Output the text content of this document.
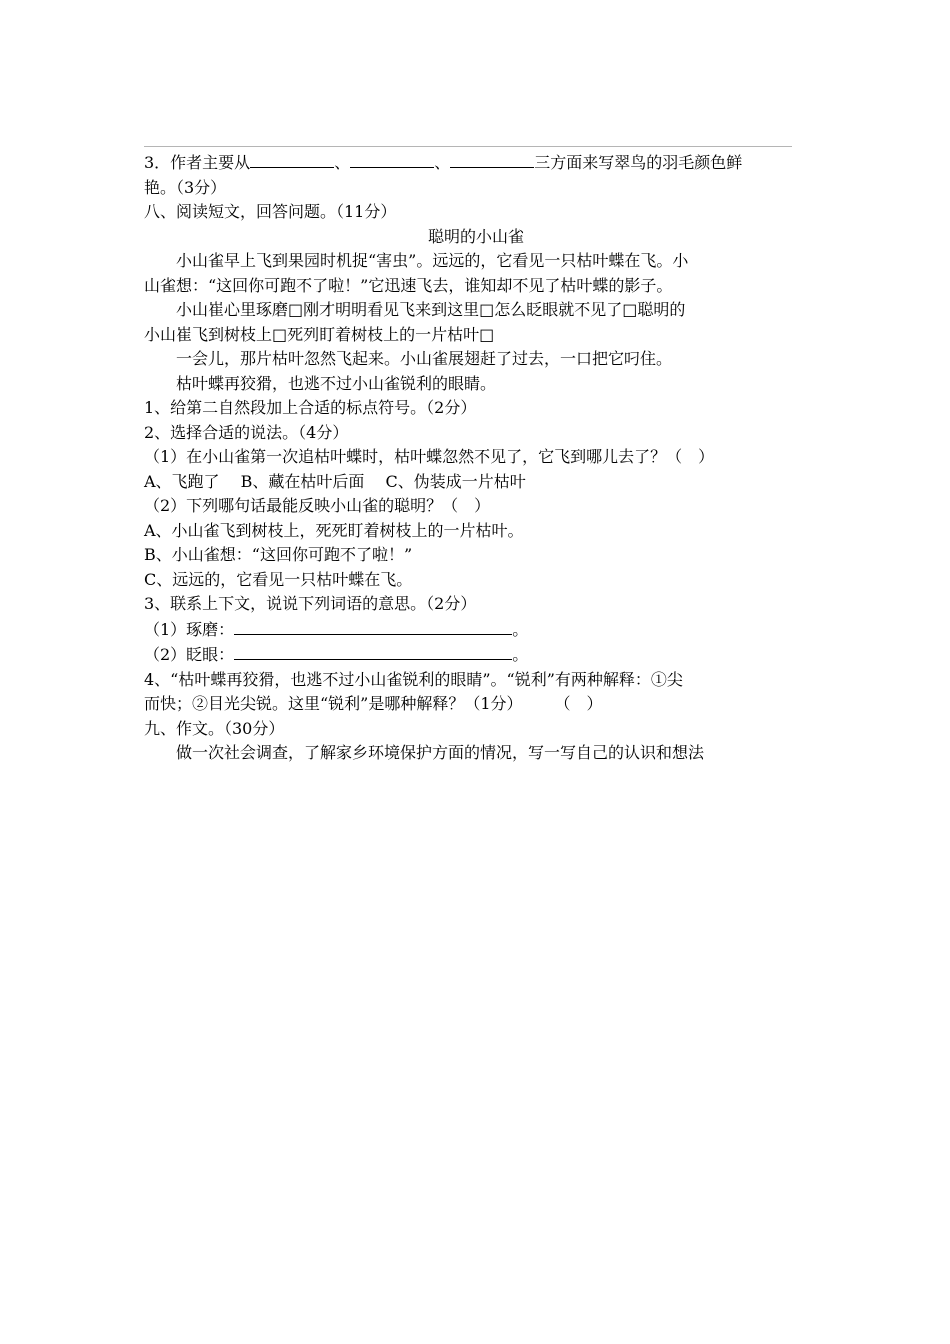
3．作者主要从	、	、	三方面来写翠鸟的羽毛颜色鲜
艳。（3分）
八、阅读短文，回答问题。（11分）
聪明的小山雀
小山雀早上飞到果园时机捉“害虫”。远远的，它看见一只枯叶蝶在飞。小
山雀想：“这回你可跑不了啦！”它迅速飞去，谁知却不见了枯叶蝶的影子。
小山崔心里琢磨□刚才明明看见飞来到这里□怎么眨眼就不见了□聪明的
小山崔飞到树枝上□死列盯着树枝上的一片枯叶□
一会儿，那片枯叶忽然飞起来。小山雀展翅赶了过去，一口把它叼住。
枯叶蝶再狡猾，也逃不过小山雀锐利的眼睛。
1、给第二自然段加上合适的标点符号。（2分）
2、选择合适的说法。（4分）
（1）在小山雀第一次追枯叶蝶时，枯叶蝶忽然不见了，它飞到哪儿去了？（　）
A、飞跑了　 B、藏在枯叶后面　 C、伪装成一片枯叶
（2）下列哪句话最能反映小山雀的聪明？（　）
A、小山雀飞到树枝上，死死盯着树枝上的一片枯叶。
B、小山雀想：“这回你可跑不了啦！”
C、远远的，它看见一只枯叶蝶在飞。
3、联系上下文，说说下列词语的意思。（2分）
（1）琢磨：	。
（2）眨眼：	。
4、“枯叶蝶再狡猾，也逃不过小山雀锐利的眼睛”。“锐利”有两种解释：①尖
而快；②目光尖锐。这里“锐利”是哪种解释？（1分）　　　（　）
九、作文。（30分）
做一次社会调查，了解家乡环境保护方面的情况，写一写自己的认识和想法
